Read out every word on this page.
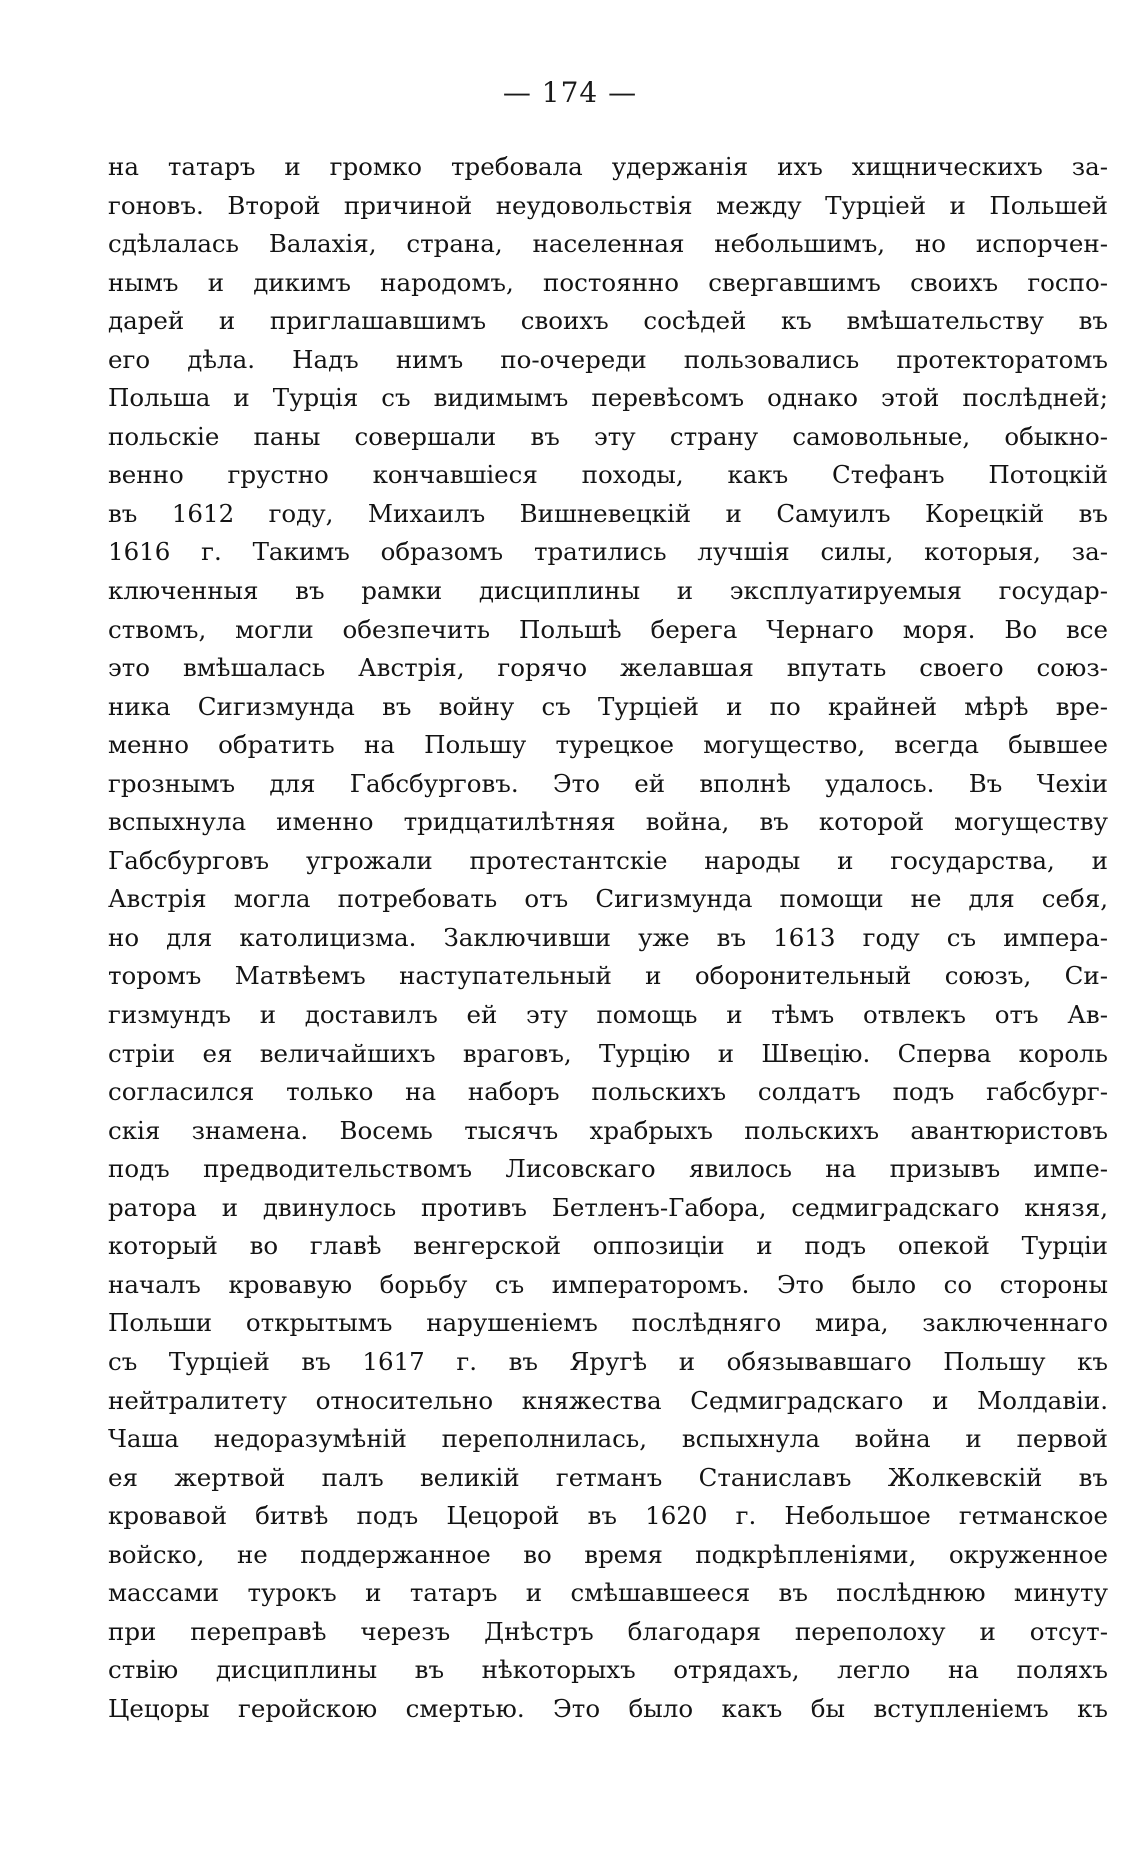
— 174 —
на татаръ и громко требовала удержанія ихъ хищническихъ за-
гоновъ. Второй причиной неудовольствія между Турціей и Польшей
сдѣлалась Валахія, страна, населенная небольшимъ, но испорчен-
нымъ и дикимъ народомъ, постоянно свергавшимъ своихъ госпо-
дарей и приглашавшимъ своихъ сосѣдей къ вмѣшательству въ
его дѣла. Надъ нимъ по-очереди пользовались протекторатомъ
Польша и Турція съ видимымъ перевѣсомъ однако этой послѣдней;
польскіе паны совершали въ эту страну самовольные, обыкно-
венно грустно кончавшіеся походы, какъ Стефанъ Потоцкій
въ 1612 году, Михаилъ Вишневецкій и Самуилъ Корецкій въ
1616 г. Такимъ образомъ тратились лучшія силы, которыя, за-
ключенныя въ рамки дисциплины и эксплуатируемыя государ-
ствомъ, могли обезпечить Польшѣ берега Чернаго моря. Во все
это вмѣшалась Австрія, горячо желавшая впутать своего союз-
ника Сигизмунда въ войну съ Турціей и по крайней мѣрѣ вре-
менно обратить на Польшу турецкое могущество, всегда бывшее
грознымъ для Габсбурговъ. Это ей вполнѣ удалось. Въ Чехіи
вспыхнула именно тридцатилѣтняя война, въ которой могуществу
Габсбурговъ угрожали протестантскіе народы и государства, и
Австрія могла потребовать отъ Сигизмунда помощи не для себя,
но для католицизма. Заключивши уже въ 1613 году съ импера-
торомъ Матвѣемъ наступательный и оборонительный союзъ, Си-
гизмундъ и доставилъ ей эту помощь и тѣмъ отвлекъ отъ Ав-
стріи ея величайшихъ враговъ, Турцію и Швецію. Сперва король
согласился только на наборъ польскихъ солдатъ подъ габсбург-
скія знамена. Восемь тысячъ храбрыхъ польскихъ авантюристовъ
подъ предводительствомъ Лисовскаго явилось на призывъ импе-
ратора и двинулось противъ Бетленъ-Габора, седмиградскаго князя,
который во главѣ венгерской оппозиціи и подъ опекой Турціи
началъ кровавую борьбу съ императоромъ. Это было со стороны
Польши открытымъ нарушеніемъ послѣдняго мира, заключеннаго
съ Турціей въ 1617 г. въ Яругѣ и обязывавшаго Польшу къ
нейтралитету относительно княжества Седмиградскаго и Молдавіи.
Чаша недоразумѣній переполнилась, вспыхнула война и первой
ея жертвой палъ великій гетманъ Станиславъ Жолкевскій въ
кровавой битвѣ подъ Цецорой въ 1620 г. Небольшое гетманское
войско, не поддержанное во время подкрѣпленіями, окруженное
массами турокъ и татаръ и смѣшавшееся въ послѣднюю минуту
при переправѣ черезъ Днѣстръ благодаря переполоху и отсут-
ствію дисциплины въ нѣкоторыхъ отрядахъ, легло на поляхъ
Цецоры геройскою смертью. Это было какъ бы вступленіемъ къ
